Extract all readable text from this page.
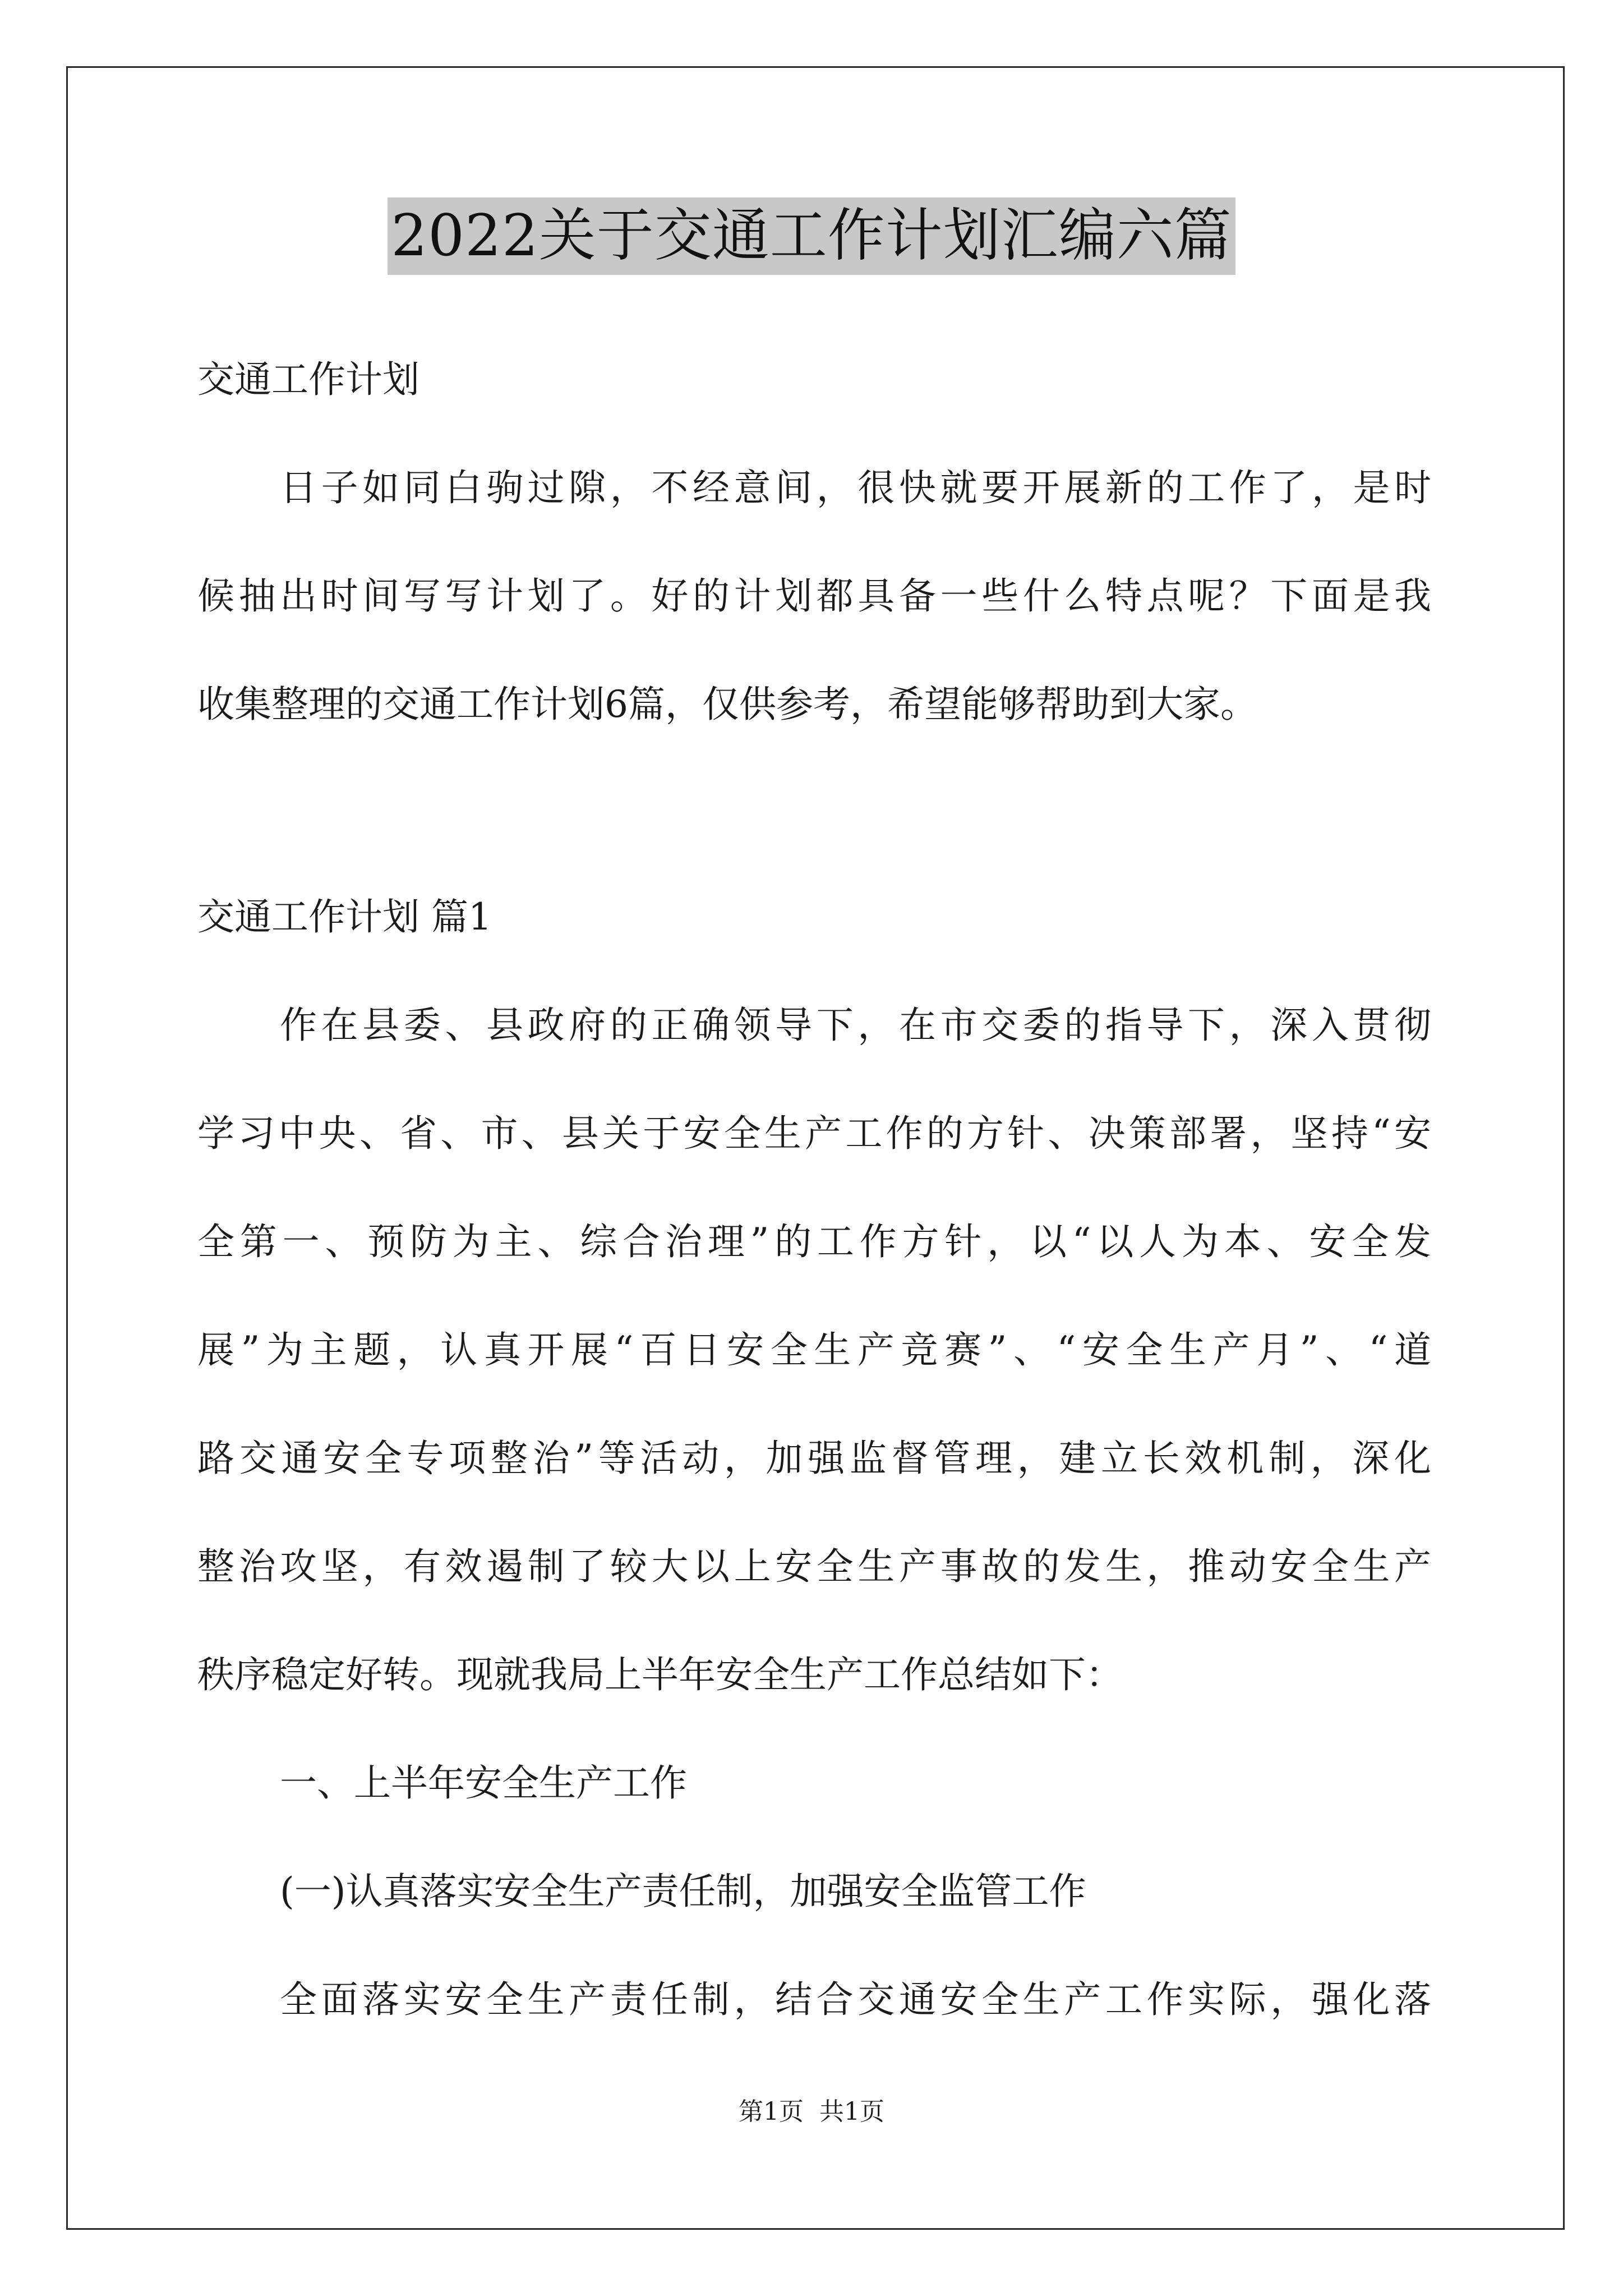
2022关于交通工作计划汇编六篇
交通工作计划
日子如同白驹过隙，不经意间，很快就要开展新的工作了，是时
候抽出时间写写计划了。好的计划都具备一些什么特点呢？下面是我
收集整理的交通工作计划6篇，仅供参考，希望能够帮助到大家。
交通工作计划 篇1
作在县委、县政府的正确领导下，在市交委的指导下，深入贯彻
学习中央、省、市、县关于安全生产工作的方针、决策部署，坚持“安
全第一、预防为主、综合治理”的工作方针，以“以人为本、安全发
展”为主题，认真开展“百日安全生产竞赛”、“安全生产月”、“道
路交通安全专项整治”等活动，加强监督管理，建立长效机制，深化
整治攻坚，有效遏制了较大以上安全生产事故的发生，推动安全生产
秩序稳定好转。现就我局上半年安全生产工作总结如下：
一、上半年安全生产工作
(一)认真落实安全生产责任制，加强安全监管工作
全面落实安全生产责任制，结合交通安全生产工作实际，强化落
第1页 共1页
